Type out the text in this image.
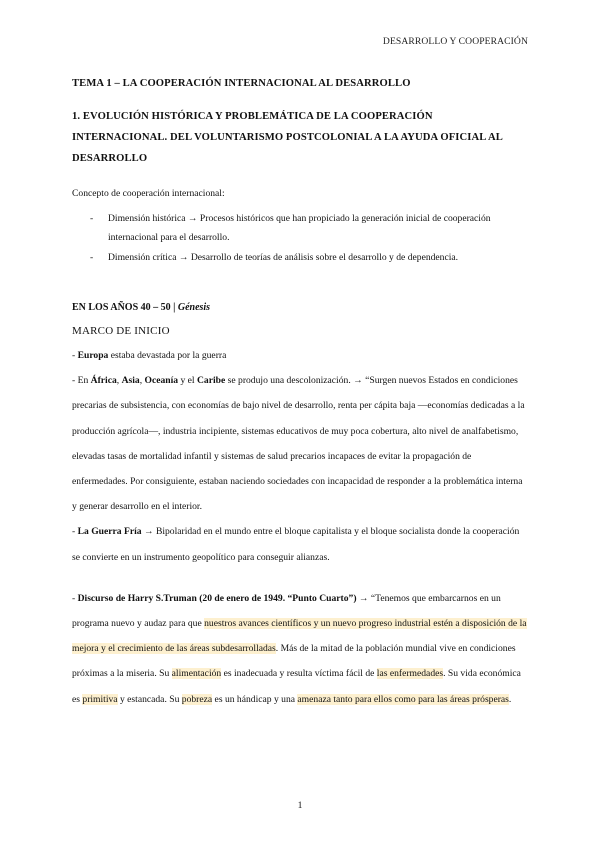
DESARROLLO Y COOPERACIÓN
TEMA 1 – LA COOPERACIÓN INTERNACIONAL AL DESARROLLO
1. EVOLUCIÓN HISTÓRICA Y PROBLEMÁTICA DE LA COOPERACIÓN INTERNACIONAL. DEL VOLUNTARISMO POSTCOLONIAL A LA AYUDA OFICIAL AL DESARROLLO

Concepto de cooperación internacional:

- Dimensión histórica → Procesos históricos que han propiciado la generación inicial de cooperación internacional para el desarrollo.
- Dimensión crítica → Desarrollo de teorías de análisis sobre el desarrollo y de dependencia.
EN LOS AÑOS 40 – 50 | Génesis
MARCO DE INICIO

- Europa estaba devastada por la guerra

- En África, Asia, Oceanía y el Caribe se produjo una descolonización. → “Surgen nuevos Estados en condiciones precarias de subsistencia, con economías de bajo nivel de desarrollo, renta per cápita baja —economías dedicadas a la producción agrícola—, industria incipiente, sistemas educativos de muy poca cobertura, alto nivel de analfabetismo, elevadas tasas de mortalidad infantil y sistemas de salud precarios incapaces de evitar la propagación de enfermedades. Por consiguiente, estaban naciendo sociedades con incapacidad de responder a la problemática interna y generar desarrollo en el interior.

- La Guerra Fría → Bipolaridad en el mundo entre el bloque capitalista y el bloque socialista donde la cooperación se convierte en un instrumento geopolítico para conseguir alianzas.

- Discurso de Harry S.Truman (20 de enero de 1949. “Punto Cuarto”) → “Tenemos que embarcarnos en un programa nuevo y audaz para que nuestros avances científicos y un nuevo progreso industrial estén a disposición de la mejora y el crecimiento de las áreas subdesarrolladas. Más de la mitad de la población mundial vive en condiciones próximas a la miseria. Su alimentación es inadecuada y resulta víctima fácil de las enfermedades. Su vida económica es primitiva y estancada. Su pobreza es un hándicap y una amenaza tanto para ellos como para las áreas prósperas.

1
